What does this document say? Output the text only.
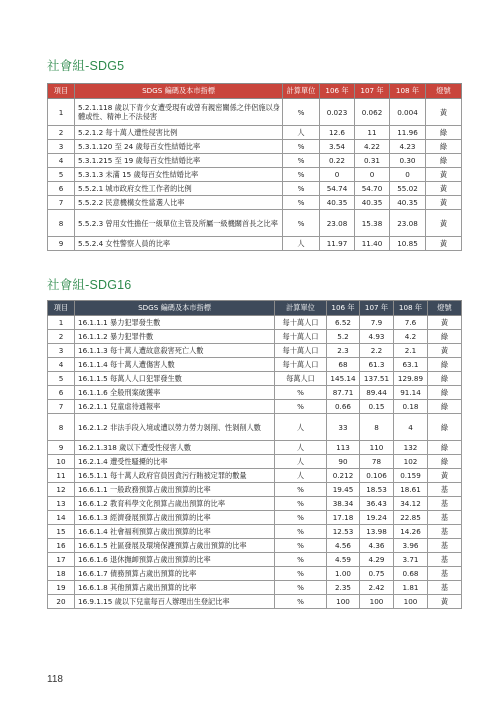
社會組-SDG5
項目	SDGS 編碼及本市指標	計算單位	106 年	107 年	108 年	燈號
1	5.2.1.118 歲以下青少女遭受現有或曾有親密關係之伴侶施以身體或性、精神上不法侵害	%	0.023	0.062	0.004	黃
2	5.2.1.2 每十萬人遭性侵害比例	人	12.6	11	11.96	綠
3	5.3.1.120 至 24 歲每百女性結婚比率	%	3.54	4.22	4.23	綠
4	5.3.1.215 至 19 歲每百女性結婚比率	%	0.22	0.31	0.30	綠
5	5.3.1.3 未滿 15 歲每百女性結婚比率	%	0	0	0	黃
6	5.5.2.1 城市政府女性工作者的比例	%	54.74	54.70	55.02	黃
7	5.5.2.2 民意機構女性當選人比率	%	40.35	40.35	40.35	黃
8	5.5.2.3 曾用女性擔任一級單位主管及所屬一級機關首長之比率	%	23.08	15.38	23.08	黃
9	5.5.2.4 女性警察人員的比率	人	11.97	11.40	10.85	黃
社會組-SDG16
項目	SDGS 編碼及本市指標	計算單位	106 年	107 年	108 年	燈號
1	16.1.1.1 暴力犯罪發生數	每十萬人口	6.52	7.9	7.6	黃
2	16.1.1.2 暴力犯罪件數	每十萬人口	5.2	4.93	4.2	綠
3	16.1.1.3 每十萬人遭故意殺害死亡人數	每十萬人口	2.3	2.2	2.1	黃
4	16.1.1.4 每十萬人遭傷害人數	每十萬人口	68	61.3	63.1	綠
5	16.1.1.5 每萬人人口犯罪發生數	每萬人口	145.14	137.51	129.89	綠
6	16.1.1.6 全般刑案破獲率	%	87.71	89.44	91.14	綠
7	16.2.1.1 兒童虐待通報率	%	0.66	0.15	0.18	綠
8	16.2.1.2 非法手段入境或遭以勞力勞力剝削、性剝削人數	人	33	8	4	綠
9	16.2.1.318 歲以下遭受性侵害人數	人	113	110	132	綠
10	16.2.1.4 遭受性騷擾的比率	人	90	78	102	綠
11	16.5.1.1 每十萬人政府官員因貪污行賄被定罪的數量	人	0.212	0.106	0.159	黃
12	16.6.1.1 一般政務預算占歲出預算的比率	%	19.45	18.53	18.61	基
13	16.6.1.2 教育科學文化預算占歲出預算的比率	%	38.34	36.43	34.12	基
14	16.6.1.3 經濟發展預算占歲出預算的比率	%	17.18	19.24	22.85	基
15	16.6.1.4 社會福利預算占歲出預算的比率	%	12.53	13.98	14.26	基
16	16.6.1.5 社區發展及環境保護預算占歲出預算的比率	%	4.56	4.36	3.96	基
17	16.6.1.6 退休撫卹預算占歲出預算的比率	%	4.59	4.29	3.71	基
18	16.6.1.7 債務預算占歲出預算的比率	%	1.00	0.75	0.68	基
19	16.6.1.8 其他預算占歲出預算的比率	%	2.35	2.42	1.81	基
20	16.9.1.15 歲以下兒童每百人辦理出生登記比率	%	100	100	100	黃
118
